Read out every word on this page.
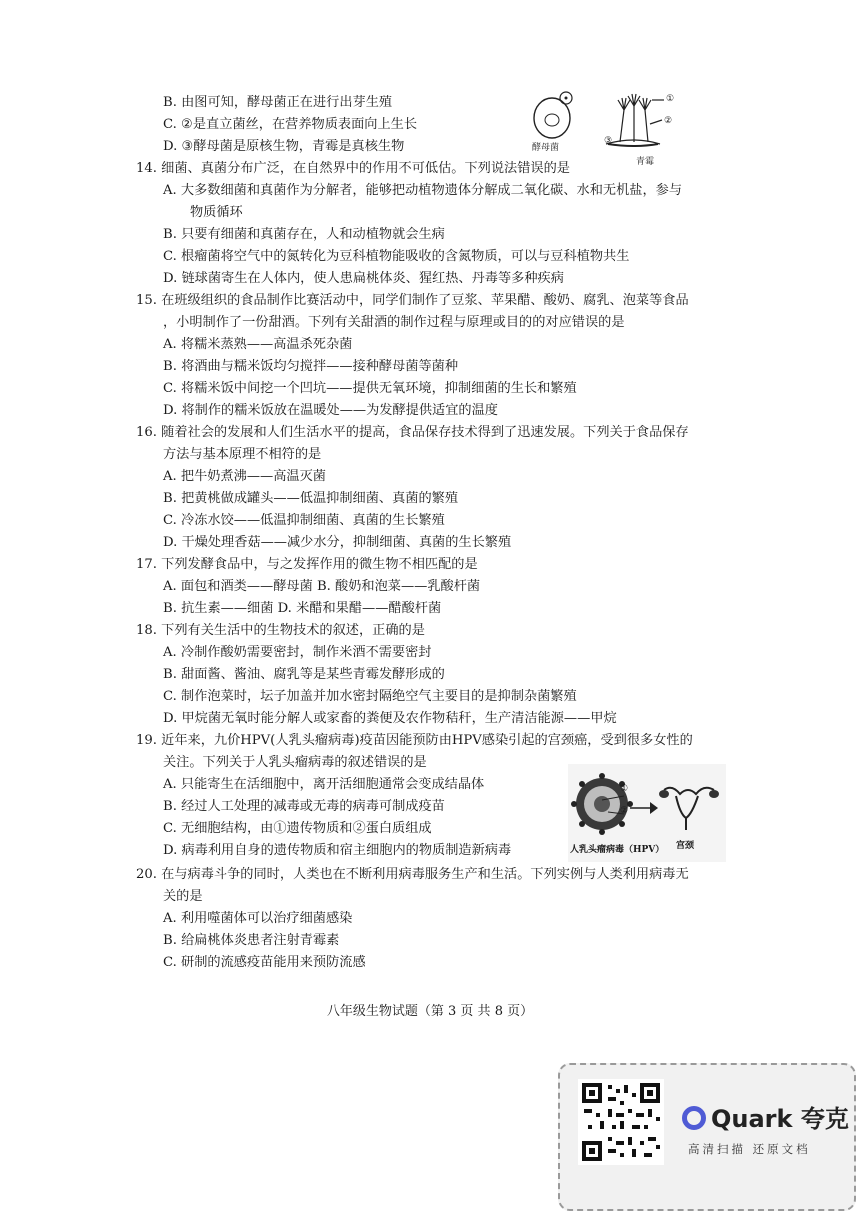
B. 由图可知，酵母菌正在进行出芽生殖
C. ②是直立菌丝，在营养物质表面向上生长
D. ③酵母菌是原核生物，青霉是真核生物
14. 细菌、真菌分布广泛，在自然界中的作用不可低估。下列说法错误的是
A. 大多数细菌和真菌作为分解者，能够把动植物遗体分解成二氧化碳、水和无机盐，参与
物质循环
B. 只要有细菌和真菌存在，人和动植物就会生病
C. 根瘤菌将空气中的氮转化为豆科植物能吸收的含氮物质，可以与豆科植物共生
D. 链球菌寄生在人体内，使人患扁桃体炎、猩红热、丹毒等多种疾病
15. 在班级组织的食品制作比赛活动中，同学们制作了豆浆、苹果醋、酸奶、腐乳、泡菜等食品
，小明制作了一份甜酒。下列有关甜酒的制作过程与原理或目的的对应错误的是
A. 将糯米蒸熟——高温杀死杂菌
B. 将酒曲与糯米饭均匀搅拌——接种酵母菌等菌种
C. 将糯米饭中间挖一个凹坑——提供无氧环境，抑制细菌的生长和繁殖
D. 将制作的糯米饭放在温暖处——为发酵提供适宜的温度
16. 随着社会的发展和人们生活水平的提高，食品保存技术得到了迅速发展。下列关于食品保存
方法与基本原理不相符的是
A. 把牛奶煮沸——高温灭菌
B. 把黄桃做成罐头——低温抑制细菌、真菌的繁殖
C. 冷冻水饺——低温抑制细菌、真菌的生长繁殖
D. 干燥处理香菇——减少水分，抑制细菌、真菌的生长繁殖
17. 下列发酵食品中，与之发挥作用的微生物不相匹配的是
A. 面包和酒类——酵母菌 B. 酸奶和泡菜——乳酸杆菌
B. 抗生素——细菌 D. 米醋和果醋——醋酸杆菌
18. 下列有关生活中的生物技术的叙述，正确的是
A. 冷制作酸奶需要密封，制作米酒不需要密封
B. 甜面酱、酱油、腐乳等是某些青霉发酵形成的
C. 制作泡菜时，坛子加盖并加水密封隔绝空气主要目的是抑制杂菌繁殖
D. 甲烷菌无氧时能分解人或家畜的粪便及农作物秸秆，生产清洁能源——甲烷
19. 近年来，九价HPV(人乳头瘤病毒)疫苗因能预防由HPV感染引起的宫颈癌，受到很多女性的
关注。下列关于人乳头瘤病毒的叙述错误的是
A. 只能寄生在活细胞中，离开活细胞通常会变成结晶体
B. 经过人工处理的减毒或无毒的病毒可制成疫苗
C. 无细胞结构，由①遗传物质和②蛋白质组成
D. 病毒利用自身的遗传物质和宿主细胞内的物质制造新病毒
20. 在与病毒斗争的同时，人类也在不断利用病毒服务生产和生活。下列实例与人类利用病毒无
关的是
A. 利用噬菌体可以治疗细菌感染
B. 给扁桃体炎患者注射青霉素
C. 研制的流感疫苗能用来预防流感
酵母菌
①
②
③
青霉
①
②
人乳头瘤病毒（HPV） 宫颈
八年级生物试题（第 3 页 共 8 页）
Quark 夸克
高清扫描 还原文档
